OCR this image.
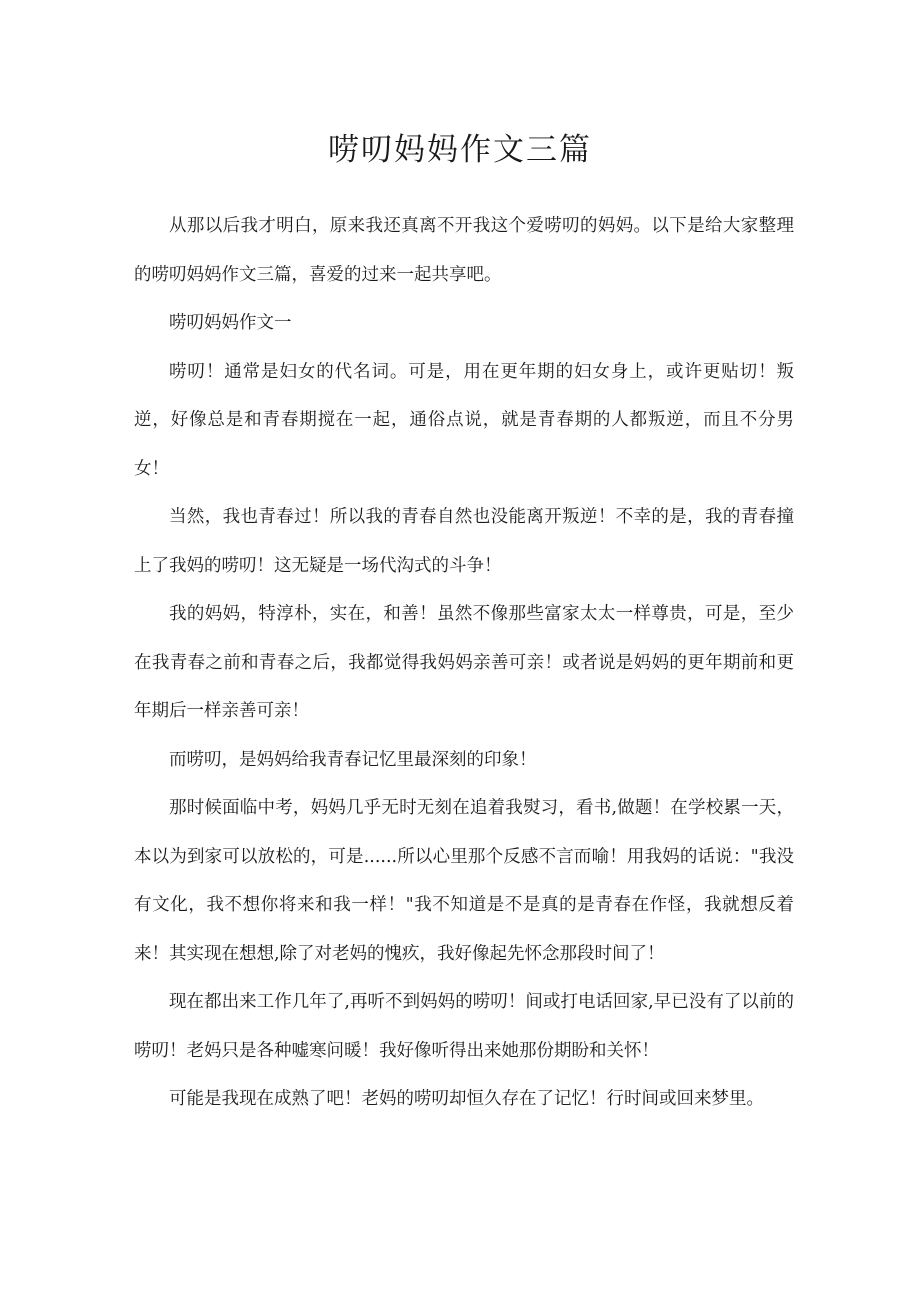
唠叨妈妈作文三篇

从那以后我才明白，原来我还真离不开我这个爱唠叨的妈妈。以下是给大家整理的唠叨妈妈作文三篇，喜爱的过来一起共享吧。

唠叨妈妈作文一

唠叨！通常是妇女的代名词。可是，用在更年期的妇女身上，或许更贴切！叛逆，好像总是和青春期搅在一起，通俗点说，就是青春期的人都叛逆，而且不分男女！

当然，我也青春过！所以我的青春自然也没能离开叛逆！不幸的是，我的青春撞上了我妈的唠叨！这无疑是一场代沟式的斗争！

我的妈妈，特淳朴，实在，和善！虽然不像那些富家太太一样尊贵，可是，至少在我青春之前和青春之后，我都觉得我妈妈亲善可亲！或者说是妈妈的更年期前和更年期后一样亲善可亲！

而唠叨，是妈妈给我青春记忆里最深刻的印象！

那时候面临中考，妈妈几乎无时无刻在追着我熨习，看书,做题！在学校累一天，本以为到家可以放松的，可是......所以心里那个反感不言而喻！用我妈的话说："我没有文化，我不想你将来和我一样！"我不知道是不是真的是青春在作怪，我就想反着来！其实现在想想,除了对老妈的愧疚，我好像起先怀念那段时间了！

现在都出来工作几年了,再听不到妈妈的唠叨！间或打电话回家,早已没有了以前的唠叨！老妈只是各种嘘寒问暖！我好像听得出来她那份期盼和关怀！

可能是我现在成熟了吧！老妈的唠叨却恒久存在了记忆！行时间或回来梦里。
